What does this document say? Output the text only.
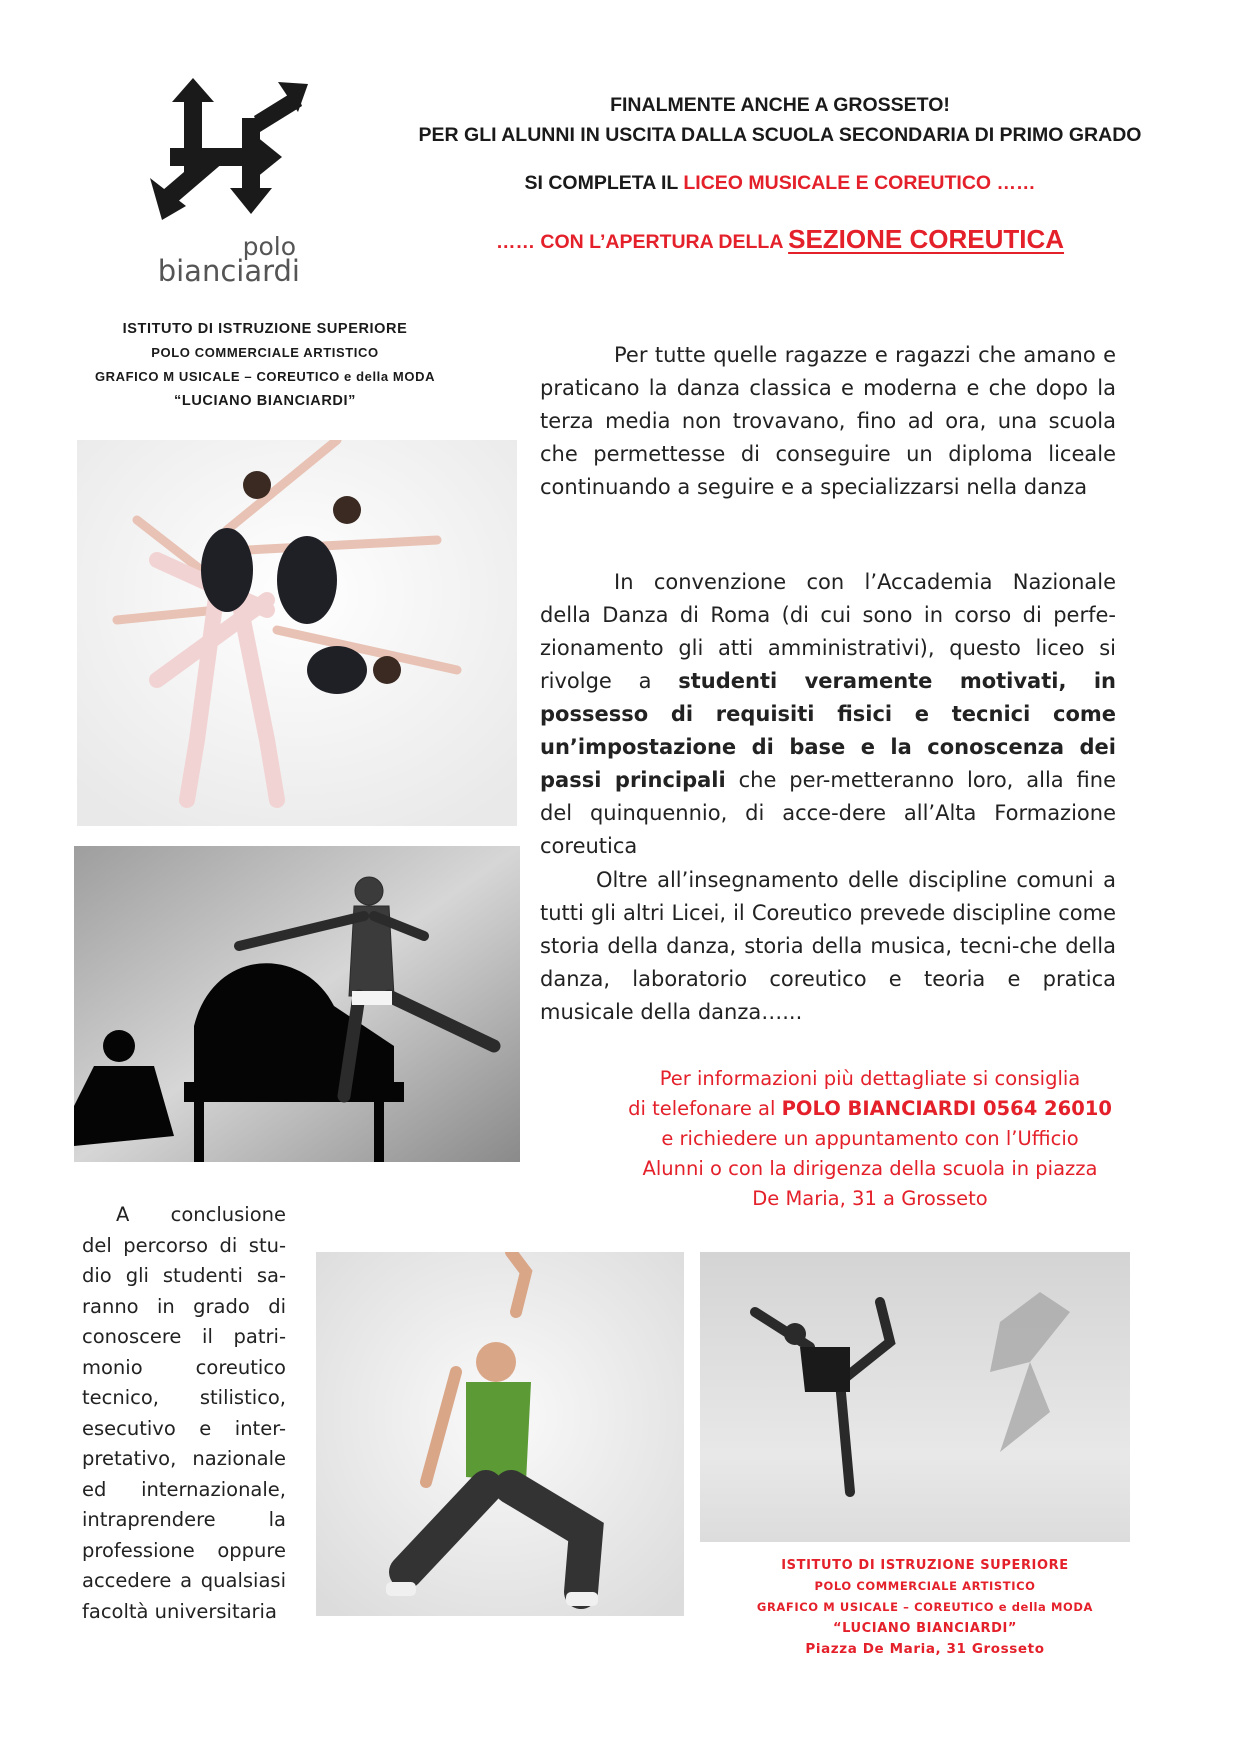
polo
bianciardi
FINALMENTE ANCHE A GROSSETO!
PER GLI ALUNNI IN USCITA DALLA SCUOLA SECONDARIA DI PRIMO GRADO
SI COMPLETA IL LICEO MUSICALE E COREUTICO ……
…… CON L’APERTURA DELLA SEZIONE COREUTICA
ISTITUTO DI ISTRUZIONE SUPERIORE
POLO COMMERCIALE ARTISTICO
GRAFICO M USICALE – COREUTICO e della MODA
“LUCIANO BIANCIARDI”

Per tutte quelle ragazze e ragazzi che amano e praticano la danza classica e moderna e che dopo la terza media non trovavano, fino ad ora, una scuola che permettesse di conseguire un diploma liceale continuando a seguire e a specializzarsi nella danza

In convenzione con l’Accademia Nazionale della Danza di Roma (di cui sono in corso di perfe-zionamento gli atti amministrativi), questo liceo si rivolge a studenti veramente motivati, in possesso di requisiti fisici e tecnici come un’impostazione di base e la conoscenza dei passi principali che per-metteranno loro, alla fine del quinquennio, di acce-dere all’Alta Formazione coreutica

Oltre all’insegnamento delle discipline comuni a tutti gli altri Licei, il Coreutico prevede discipline come storia della danza, storia della musica, tecni-che della danza, laboratorio coreutico e teoria e pratica musicale della danza…...

Per informazioni più dettagliate si consiglia
di telefonare al POLO BIANCIARDI 0564 26010
e richiedere un appuntamento con l’Ufficio
Alunni o con la dirigenza della scuola in piazza
De Maria, 31 a Grosseto
A conclusione del percorso di stu-dio gli studenti sa-ranno in grado di conoscere il patri-monio coreutico tecnico, stilistico, esecutivo e inter-pretativo, nazionale ed internazionale, intraprendere la professione oppure accedere a qualsiasi facoltà universitaria
ISTITUTO DI ISTRUZIONE SUPERIORE
POLO COMMERCIALE ARTISTICO
GRAFICO M USICALE – COREUTICO e della MODA
“LUCIANO BIANCIARDI”
Piazza De Maria, 31 Grosseto
